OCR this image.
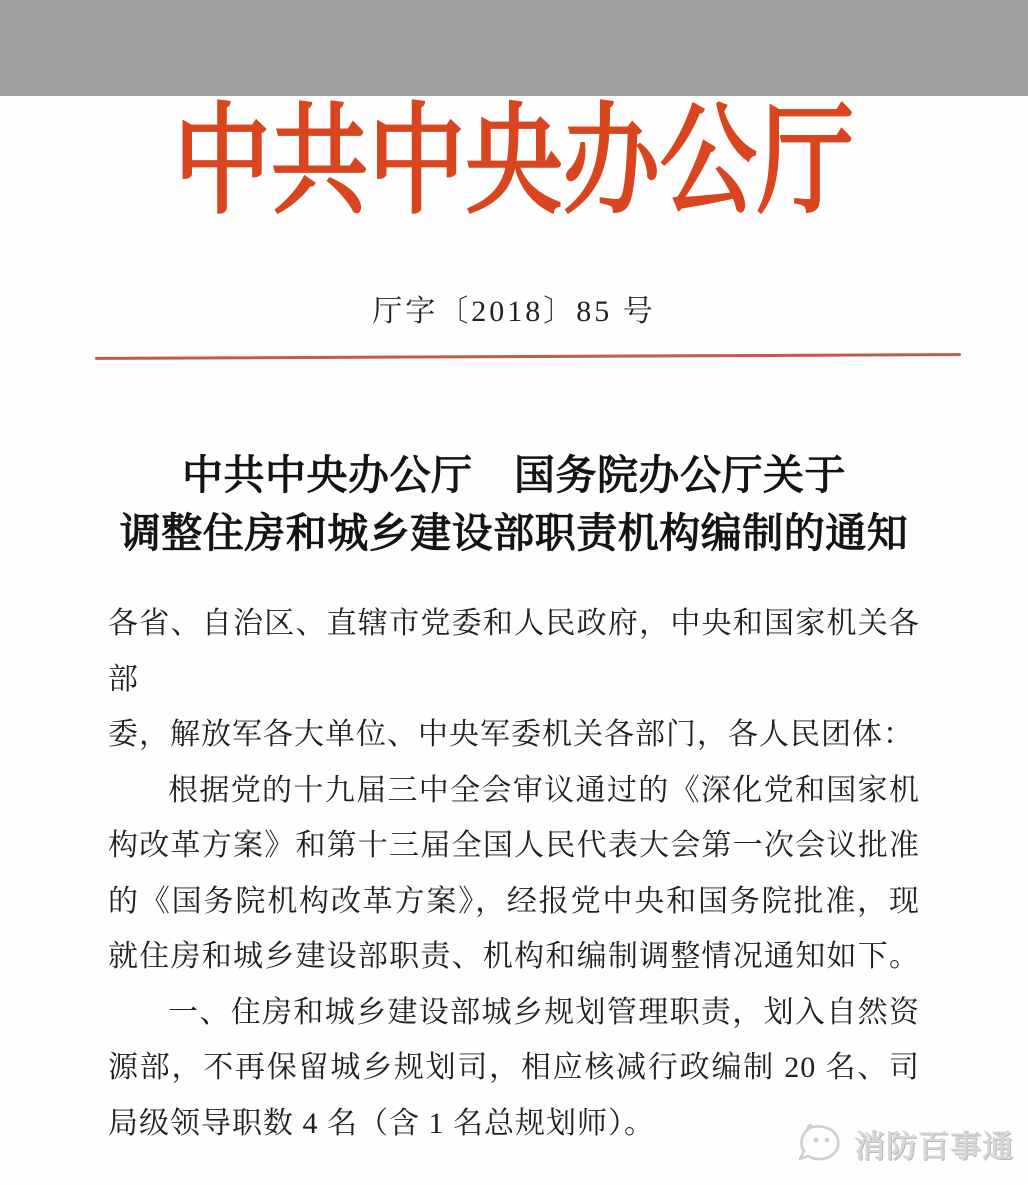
中共中央办公厅
厅字〔2018〕85 号
中共中央办公厅　国务院办公厅关于
调整住房和城乡建设部职责机构编制的通知
各省、自治区、直辖市党委和人民政府，中央和国家机关各部
委，解放军各大单位、中央军委机关各部门，各人民团体：
根据党的十九届三中全会审议通过的《深化党和国家机
构改革方案》和第十三届全国人民代表大会第一次会议批准
的《国务院机构改革方案》，经报党中央和国务院批准，现
就住房和城乡建设部职责、机构和编制调整情况通知如下。
一、住房和城乡建设部城乡规划管理职责，划入自然资
源部，不再保留城乡规划司，相应核减行政编制 20 名、司
局级领导职数 4 名（含 1 名总规划师）。
消防百事通
